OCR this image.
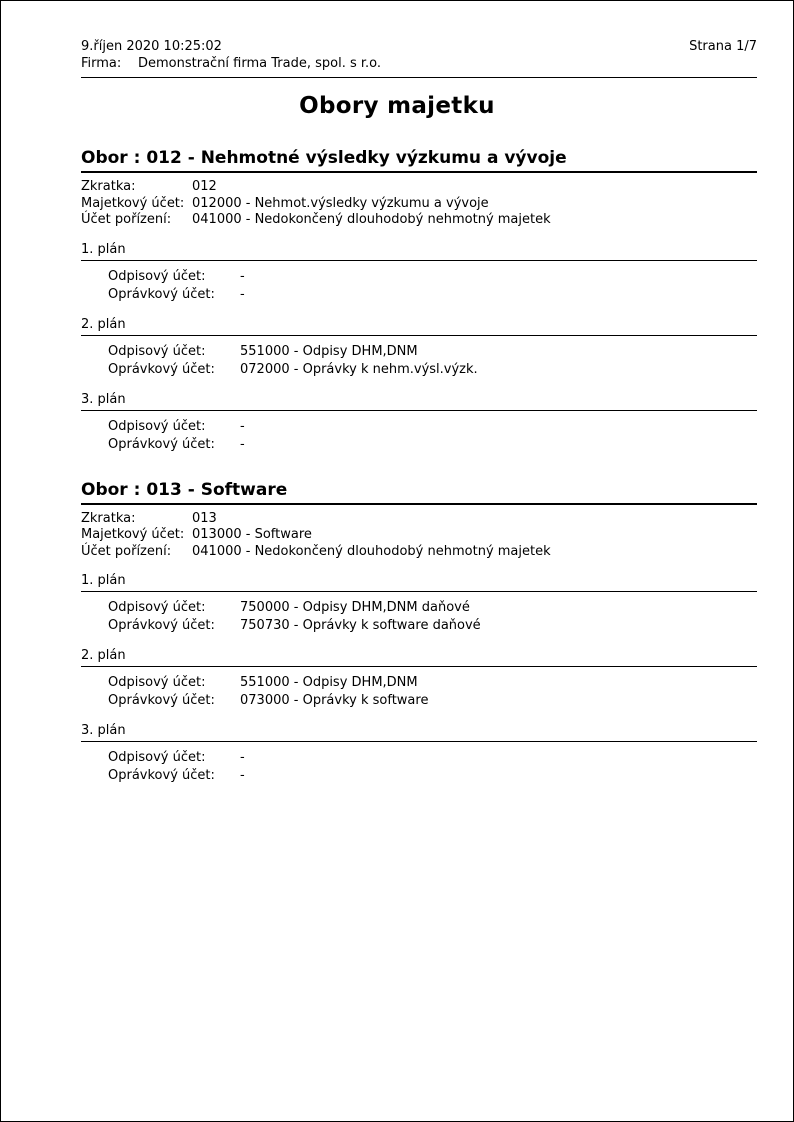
9.říjen 2020 10:25:02
Firma:	Demonstrační firma Trade, spol. s r.o.
Strana 1/7
Obory majetku
Obor : 012 - Nehmotné výsledky výzkumu a vývoje
Zkratka:	012
Majetkový účet: 012000 - Nehmot.výsledky výzkumu a vývoje
Účet pořízení:	041000 - Nedokončený dlouhodobý nehmotný majetek
1. plán
Odpisový účet:	-
Oprávkový účet:	-
2. plán
Odpisový účet:	551000 - Odpisy DHM,DNM
Oprávkový účet:	072000 - Oprávky k nehm.výsl.výzk.
3. plán
Odpisový účet:	-
Oprávkový účet:	-
Obor : 013 - Software
Zkratka:	013
Majetkový účet: 013000 - Software
Účet pořízení:	041000 - Nedokončený dlouhodobý nehmotný majetek
1. plán
Odpisový účet:	750000 - Odpisy DHM,DNM daňové
Oprávkový účet:	750730 - Oprávky k software daňové
2. plán
Odpisový účet:	551000 - Odpisy DHM,DNM
Oprávkový účet:	073000 - Oprávky k software
3. plán
Odpisový účet:	-
Oprávkový účet:	-
